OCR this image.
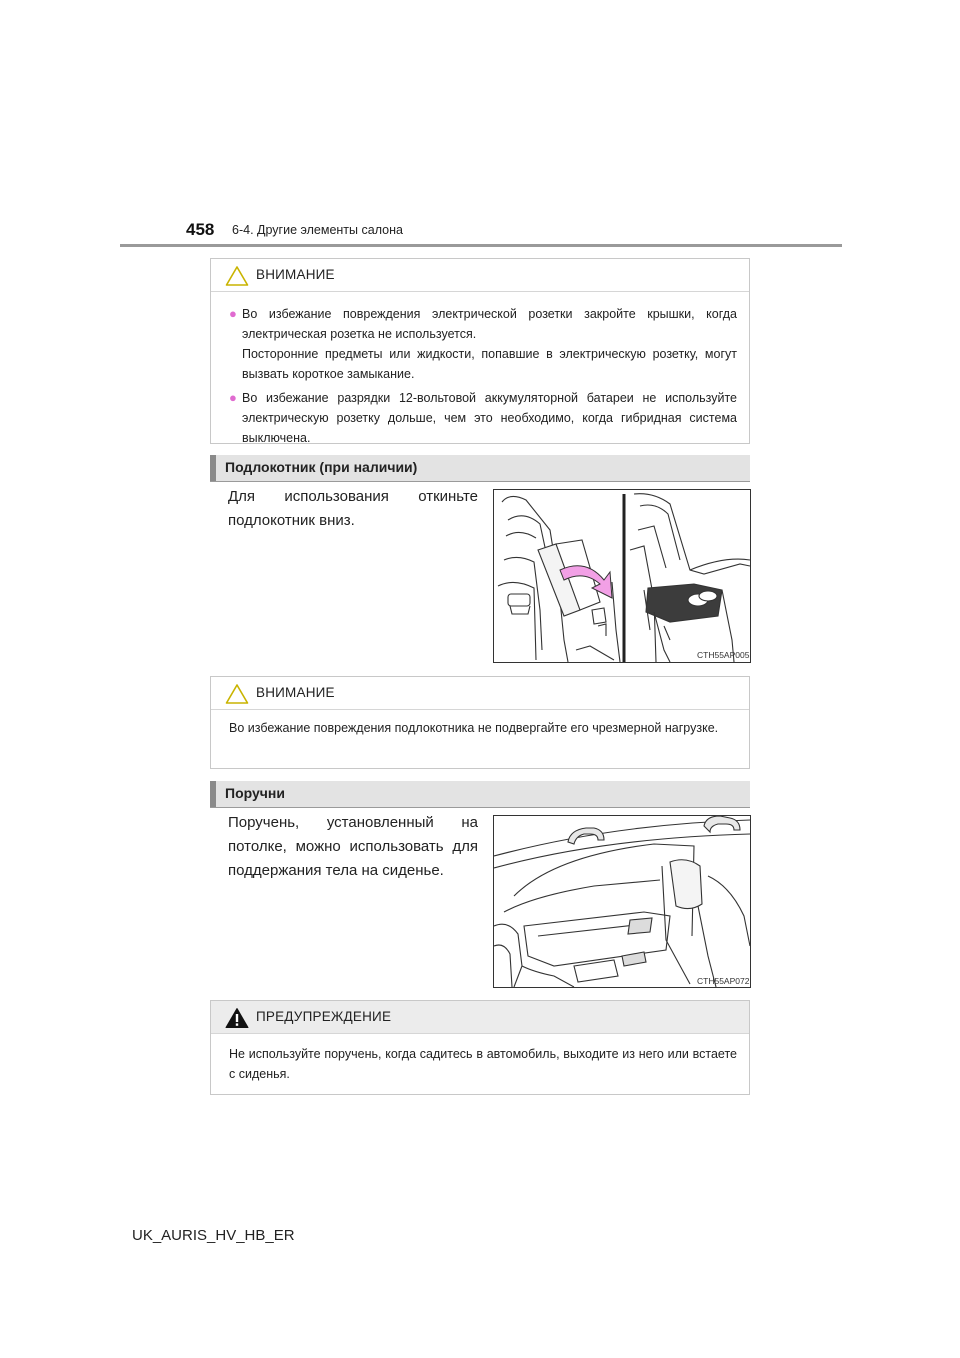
458 6-4. Другие элементы салона
ВНИМАНИЕ
● Во избежание повреждения электрической розетки закройте крышки, когда электрическая розетка не используется.
Посторонние предметы или жидкости, попавшие в электрическую розетку, могут вызвать короткое замыкание.
● Во избежание разрядки 12-вольтовой аккумуляторной батареи не используйте электрическую розетку дольше, чем это необходимо, когда гибридная система выключена.
Подлокотник (при наличии)
Для использования откиньте подлокотник вниз.
CTH55AP005
ВНИМАНИЕ
Во избежание повреждения подлокотника не подвергайте его чрезмерной нагрузке.
Поручни
Поручень, установленный на потолке, можно использовать для поддержания тела на сиденье.
CTH55AP072
ПРЕДУПРЕЖДЕНИЕ
Не используйте поручень, когда садитесь в автомобиль, выходите из него или встаете с сиденья.
UK_AURIS_HV_HB_ER
